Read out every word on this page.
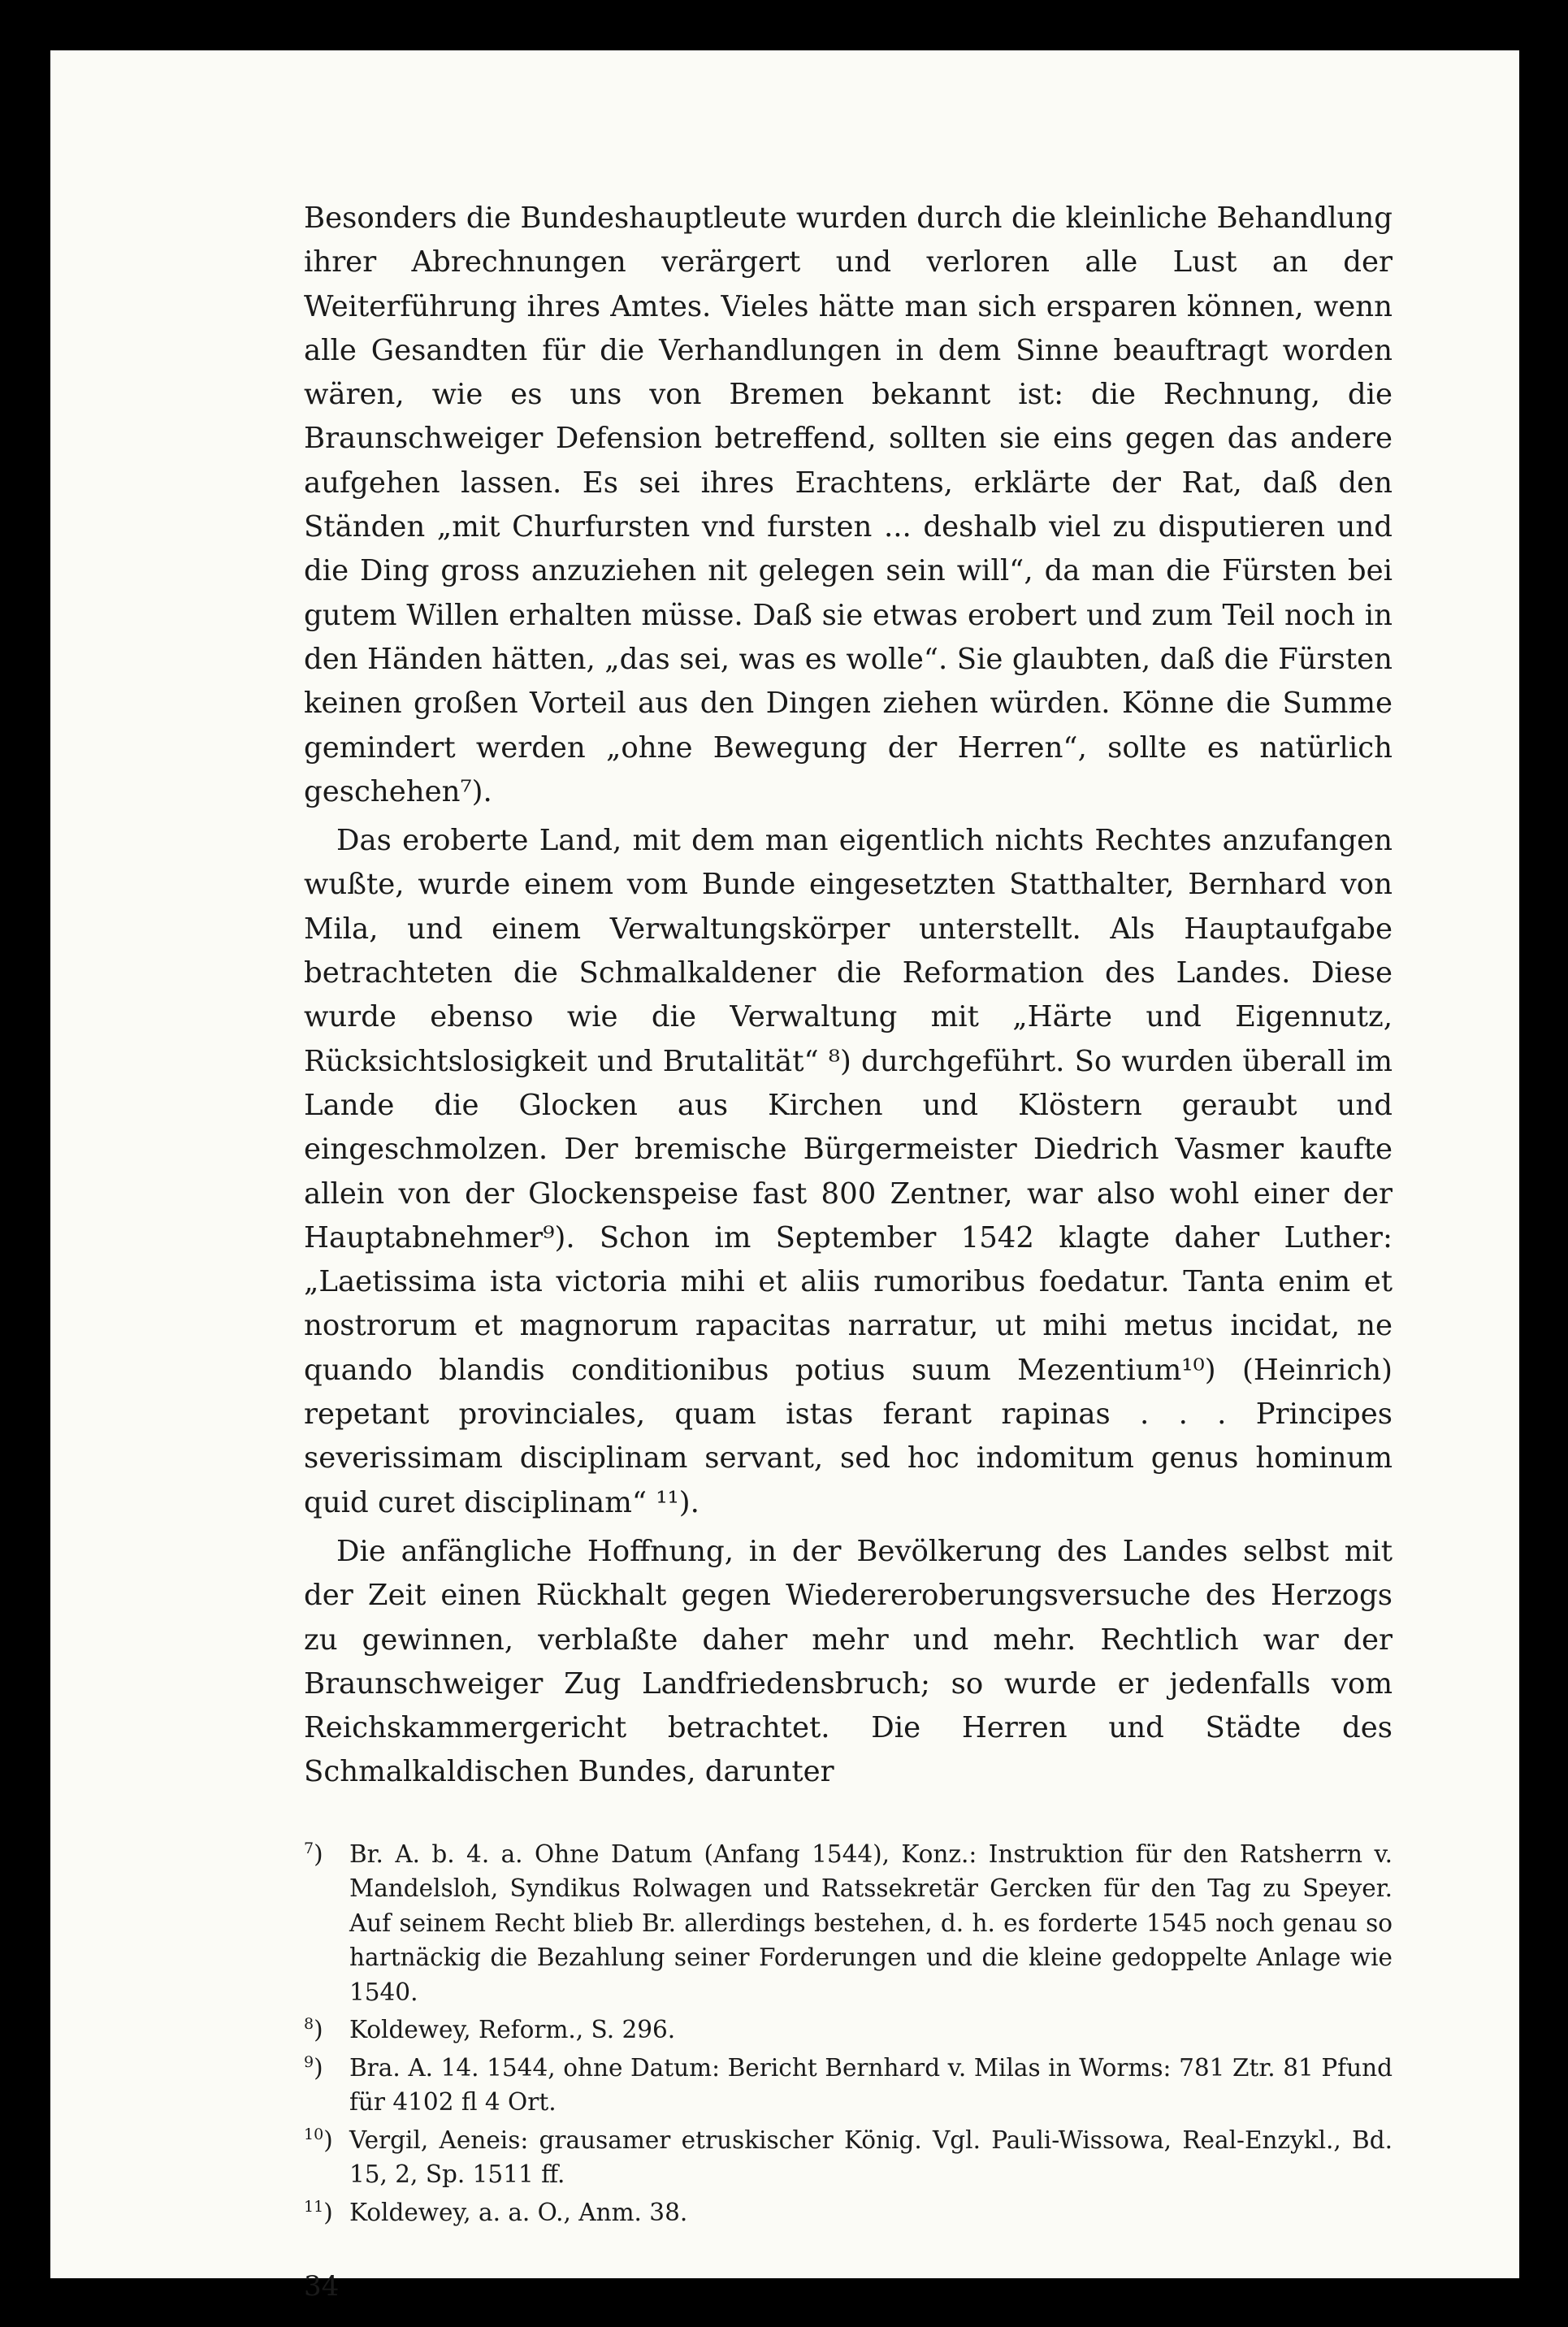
Besonders die Bundeshauptleute wurden durch die kleinliche Behandlung ihrer Abrechnungen verärgert und verloren alle Lust an der Weiterführung ihres Amtes. Vieles hätte man sich ersparen können, wenn alle Gesandten für die Verhandlungen in dem Sinne beauftragt worden wären, wie es uns von Bremen bekannt ist: die Rechnung, die Braunschweiger Defension betreffend, sollten sie eins gegen das andere aufgehen lassen. Es sei ihres Erachtens, erklärte der Rat, daß den Ständen „mit Churfursten vnd fursten ... deshalb viel zu disputieren und die Ding gross anzuziehen nit gelegen sein will“, da man die Fürsten bei gutem Willen erhalten müsse. Daß sie etwas erobert und zum Teil noch in den Händen hätten, „das sei, was es wolle“. Sie glaubten, daß die Fürsten keinen großen Vorteil aus den Dingen ziehen würden. Könne die Summe gemindert werden „ohne Bewegung der Herren“, sollte es natürlich geschehen⁷).

Das eroberte Land, mit dem man eigentlich nichts Rechtes anzufangen wußte, wurde einem vom Bunde eingesetzten Statthalter, Bernhard von Mila, und einem Verwaltungskörper unterstellt. Als Hauptaufgabe betrachteten die Schmalkaldener die Reformation des Landes. Diese wurde ebenso wie die Verwaltung mit „Härte und Eigennutz, Rücksichtslosigkeit und Brutalität“ ⁸) durchgeführt. So wurden überall im Lande die Glocken aus Kirchen und Klöstern geraubt und eingeschmolzen. Der bremische Bürgermeister Diedrich Vasmer kaufte allein von der Glockenspeise fast 800 Zentner, war also wohl einer der Hauptabnehmer⁹). Schon im September 1542 klagte daher Luther: „Laetissima ista victoria mihi et aliis rumoribus foedatur. Tanta enim et nostrorum et magnorum rapacitas narratur, ut mihi metus incidat, ne quando blandis conditionibus potius suum Mezentium¹⁰) (Heinrich) repetant provinciales, quam istas ferant rapinas . . . Principes severissimam disciplinam servant, sed hoc indomitum genus hominum quid curet disciplinam“ ¹¹).

Die anfängliche Hoffnung, in der Bevölkerung des Landes selbst mit der Zeit einen Rückhalt gegen Wiedereroberungsversuche des Herzogs zu gewinnen, verblaßte daher mehr und mehr. Rechtlich war der Braunschweiger Zug Landfriedensbruch; so wurde er jedenfalls vom Reichskammergericht betrachtet. Die Herren und Städte des Schmalkaldischen Bundes, darunter

$^7$) Br. A. b. 4. a. Ohne Datum (Anfang 1544), Konz.: Instruktion für den Ratsherrn v. Mandelsloh, Syndikus Rolwagen und Ratssekretär Gercken für den Tag zu Speyer. Auf seinem Recht blieb Br. allerdings bestehen, d. h. es forderte 1545 noch genau so hartnäckig die Bezahlung seiner Forderungen und die kleine gedoppelte Anlage wie 1540.
$^8$) Koldewey, Reform., S. 296.
$^9$) Bra. A. 14. 1544, ohne Datum: Bericht Bernhard v. Milas in Worms: 781 Ztr. 81 Pfund für 4102 fl 4 Ort.
$^{10}$) Vergil, Aeneis: grausamer etruskischer König. Vgl. Pauli-Wissowa, Real-Enzykl., Bd. 15, 2, Sp. 1511 ff.
$^{11}$) Koldewey, a. a. O., Anm. 38.
34
